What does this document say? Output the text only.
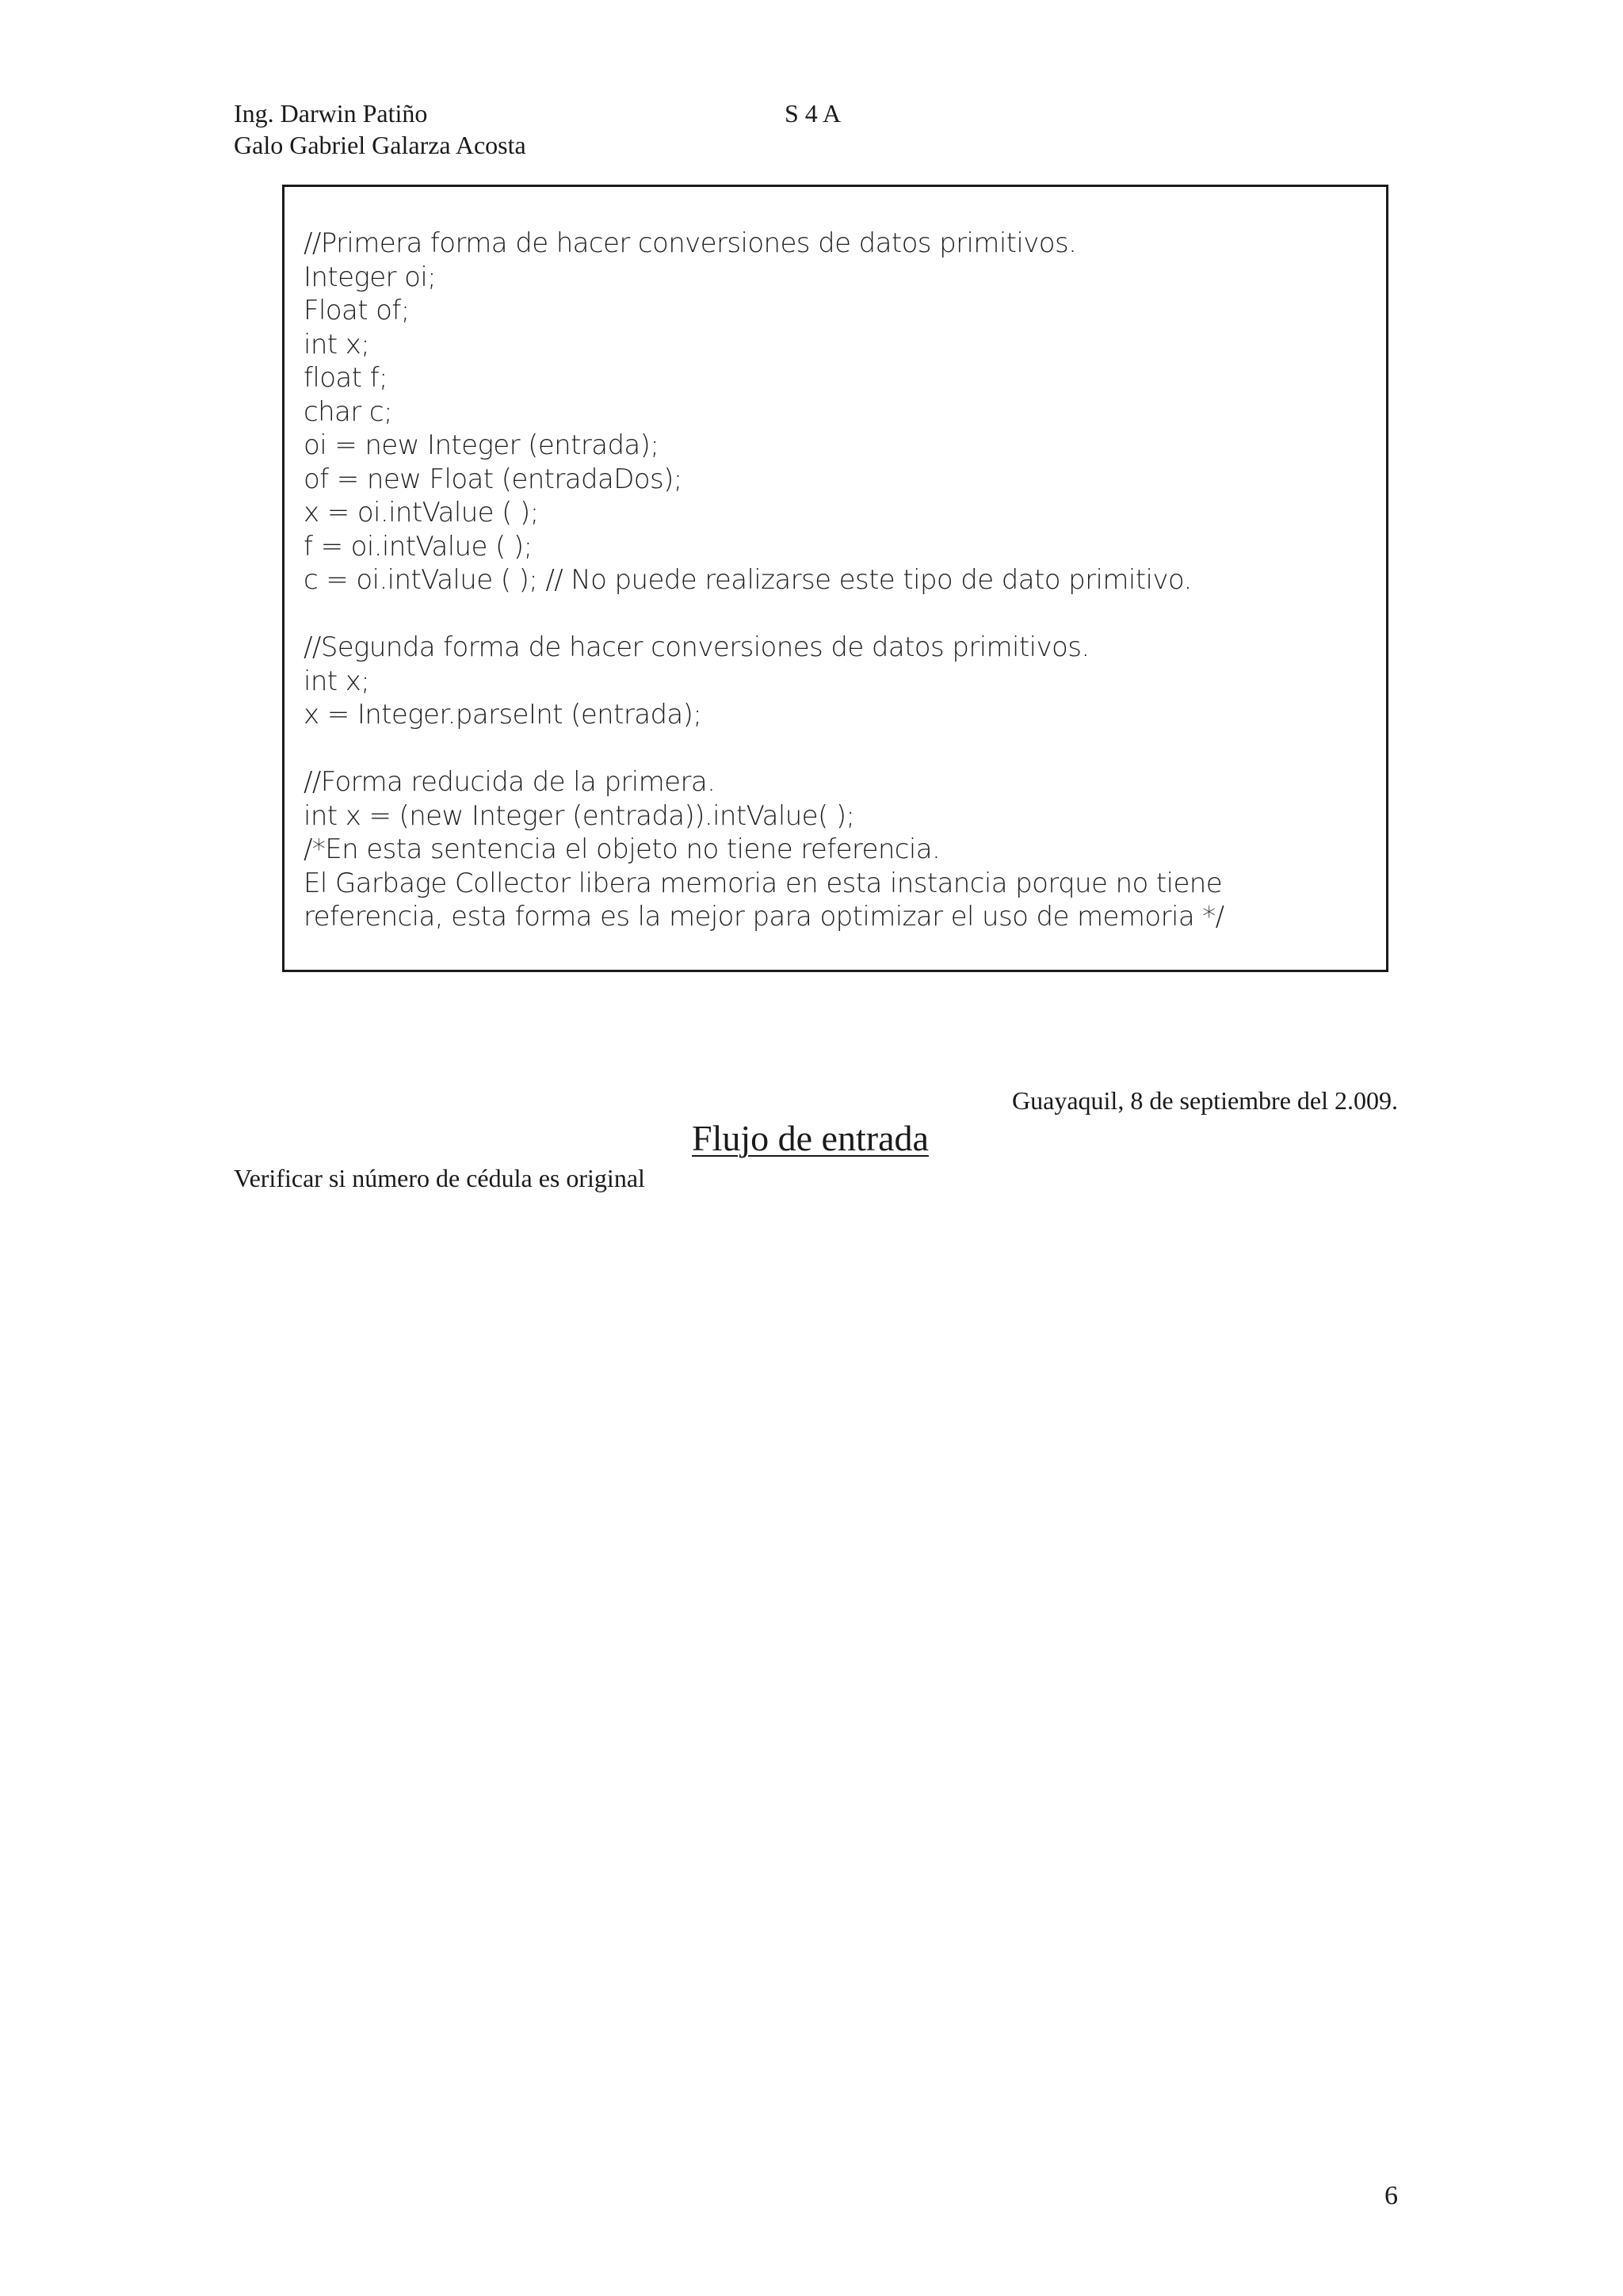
Ing. Darwin Patiño
Galo Gabriel Galarza Acosta
S 4 A
//Primera forma de hacer conversiones de datos primitivos.
Integer oi;
Float of;
int x;
float f;
char c;
oi = new Integer (entrada);
of = new Float (entradaDos);
x = oi.intValue ( );
f = oi.intValue ( );
c = oi.intValue ( ); // No puede realizarse este tipo de dato primitivo.
//Segunda forma de hacer conversiones de datos primitivos.
int x;
x = Integer.parseInt (entrada);
//Forma reducida de la primera.
int x = (new Integer (entrada)).intValue( );
/*En esta sentencia el objeto no tiene referencia.
El Garbage Collector libera memoria en esta instancia porque no tiene
referencia, esta forma es la mejor para optimizar el uso de memoria */
Guayaquil, 8 de septiembre del 2.009.
Flujo de entrada
Verificar si número de cédula es original
6
